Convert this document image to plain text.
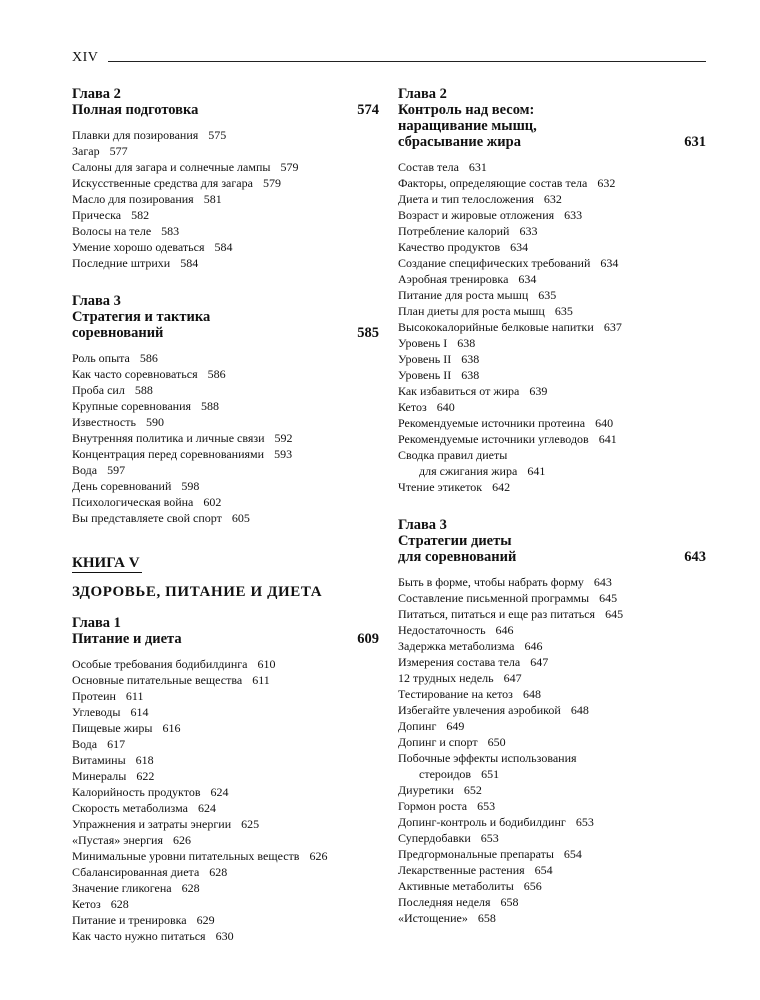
XIV
Глава 2
Полная подготовка	574
Плавки для позирования 575
Загар 577
Салоны для загара и солнечные лампы 579
Искусственные средства для загара 579
Масло для позирования 581
Прическа 582
Волосы на теле 583
Умение хорошо одеваться 584
Последние штрихи 584
Глава 3
Стратегия и тактика
соревнований	585
Роль опыта 586
Как часто соревноваться 586
Проба сил 588
Крупные соревнования 588
Известность 590
Внутренняя политика и личные связи 592
Концентрация перед соревнованиями 593
Вода 597
День соревнований 598
Психологическая война 602
Вы представляете свой спорт 605
КНИГА V
ЗДОРОВЬЕ, ПИТАНИЕ И ДИЕТА
Глава 1
Питание и диета	609
Особые требования бодибилдинга 610
Основные питательные вещества 611
Протеин 611
Углеводы 614
Пищевые жиры 616
Вода 617
Витамины 618
Минералы 622
Калорийность продуктов 624
Скорость метаболизма 624
Упражнения и затраты энергии 625
«Пустая» энергия 626
Минимальные уровни питательных веществ 626
Сбалансированная диета 628
Значение гликогена 628
Кетоз 628
Питание и тренировка 629
Как часто нужно питаться 630
Глава 2
Контроль над весом:
наращивание мышц,
сбрасывание жира	631
Состав тела 631
Факторы, определяющие состав тела 632
Диета и тип телосложения 632
Возраст и жировые отложения 633
Потребление калорий 633
Качество продуктов 634
Создание специфических требований 634
Аэробная тренировка 634
Питание для роста мышц 635
План диеты для роста мышц 635
Высококалорийные белковые напитки 637
Уровень I 638
Уровень II 638
Уровень II 638
Как избавиться от жира 639
Кетоз 640
Рекомендуемые источники протеина 640
Рекомендуемые источники углеводов 641
Сводка правил диеты
для сжигания жира 641
Чтение этикеток 642
Глава 3
Стратегии диеты
для соревнований	643
Быть в форме, чтобы набрать форму 643
Составление письменной программы 645
Питаться, питаться и еще раз питаться 645
Недостаточность 646
Задержка метаболизма 646
Измерения состава тела 647
12 трудных недель 647
Тестирование на кетоз 648
Избегайте увлечения аэробикой 648
Допинг 649
Допинг и спорт 650
Побочные эффекты использования
стероидов 651
Диуретики 652
Гормон роста 653
Допинг-контроль и бодибилдинг 653
Супердобавки 653
Предгормональные препараты 654
Лекарственные растения 654
Активные метаболиты 656
Последняя неделя 658
«Истощение» 658
